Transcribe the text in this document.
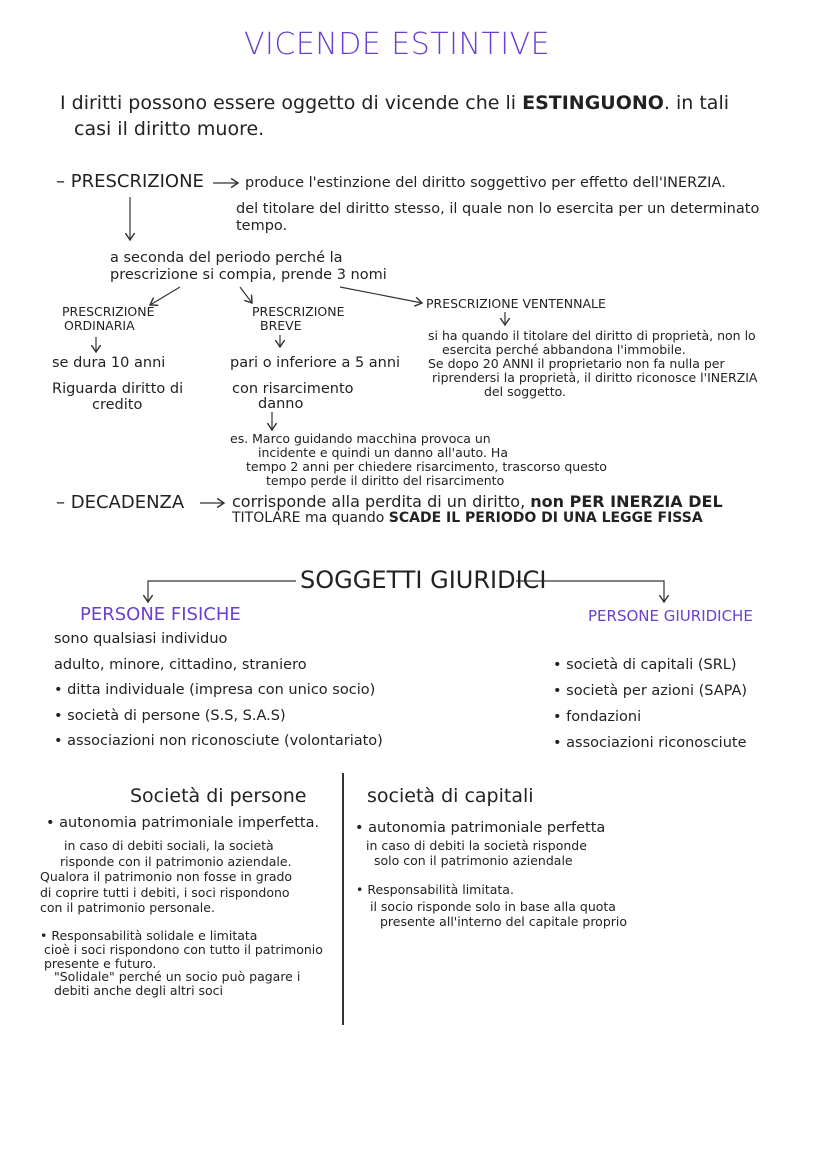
VICENDE ESTINTIVE
I diritti possono essere oggetto di vicende che li ESTINGUONO. in tali
casi il diritto muore.
– PRESCRIZIONE	produce l'estinzione del diritto soggettivo per effetto dell'INERZIA.
del titolare del diritto stesso, il quale non lo esercita per un determinato
tempo.
a seconda del periodo perché la
prescrizione si compia, prende 3 nomi
PRESCRIZIONE
ORDINARIA
se dura 10 anni
Riguarda diritto di
credito
PRESCRIZIONE
BREVE
pari o inferiore a 5 anni
con risarcimento
danno
es. Marco guidando macchina provoca un
incidente e quindi un danno all'auto. Ha
tempo 2 anni per chiedere risarcimento, trascorso questo
tempo perde il diritto del risarcimento
PRESCRIZIONE VENTENNALE
si ha quando il titolare del diritto di proprietà, non lo
esercita perché abbandona l'immobile.
Se dopo 20 ANNI il proprietario non fa nulla per
riprendersi la proprietà, il diritto riconosce l'INERZIA
del soggetto.
– DECADENZA	corrisponde alla perdita di un diritto, non PER INERZIA DEL
TITOLARE ma quando SCADE IL PERIODO DI UNA LEGGE FISSA
SOGGETTI GIURIDICI
PERSONE FISICHE
sono qualsiasi individuo
adulto, minore, cittadino, straniero
• ditta individuale (impresa con unico socio)
• società di persone (S.S, S.A.S)
• associazioni non riconosciute (volontariato)
PERSONE GIURIDICHE
• società di capitali (SRL)
• società per azioni (SAPA)
• fondazioni
• associazioni riconosciute
Società di persone
• autonomia patrimoniale imperfetta.
in caso di debiti sociali, la società
risponde con il patrimonio aziendale.
Qualora il patrimonio non fosse in grado
di coprire tutti i debiti, i soci rispondono
con il patrimonio personale.
• Responsabilità solidale e limitata
cioè i soci rispondono con tutto il patrimonio
presente e futuro.
"Solidale" perché un socio può pagare i
debiti anche degli altri soci
società di capitali
• autonomia patrimoniale perfetta
in caso di debiti la società risponde
solo con il patrimonio aziendale
• Responsabilità limitata.
il socio risponde solo in base alla quota
presente all'interno del capitale proprio
